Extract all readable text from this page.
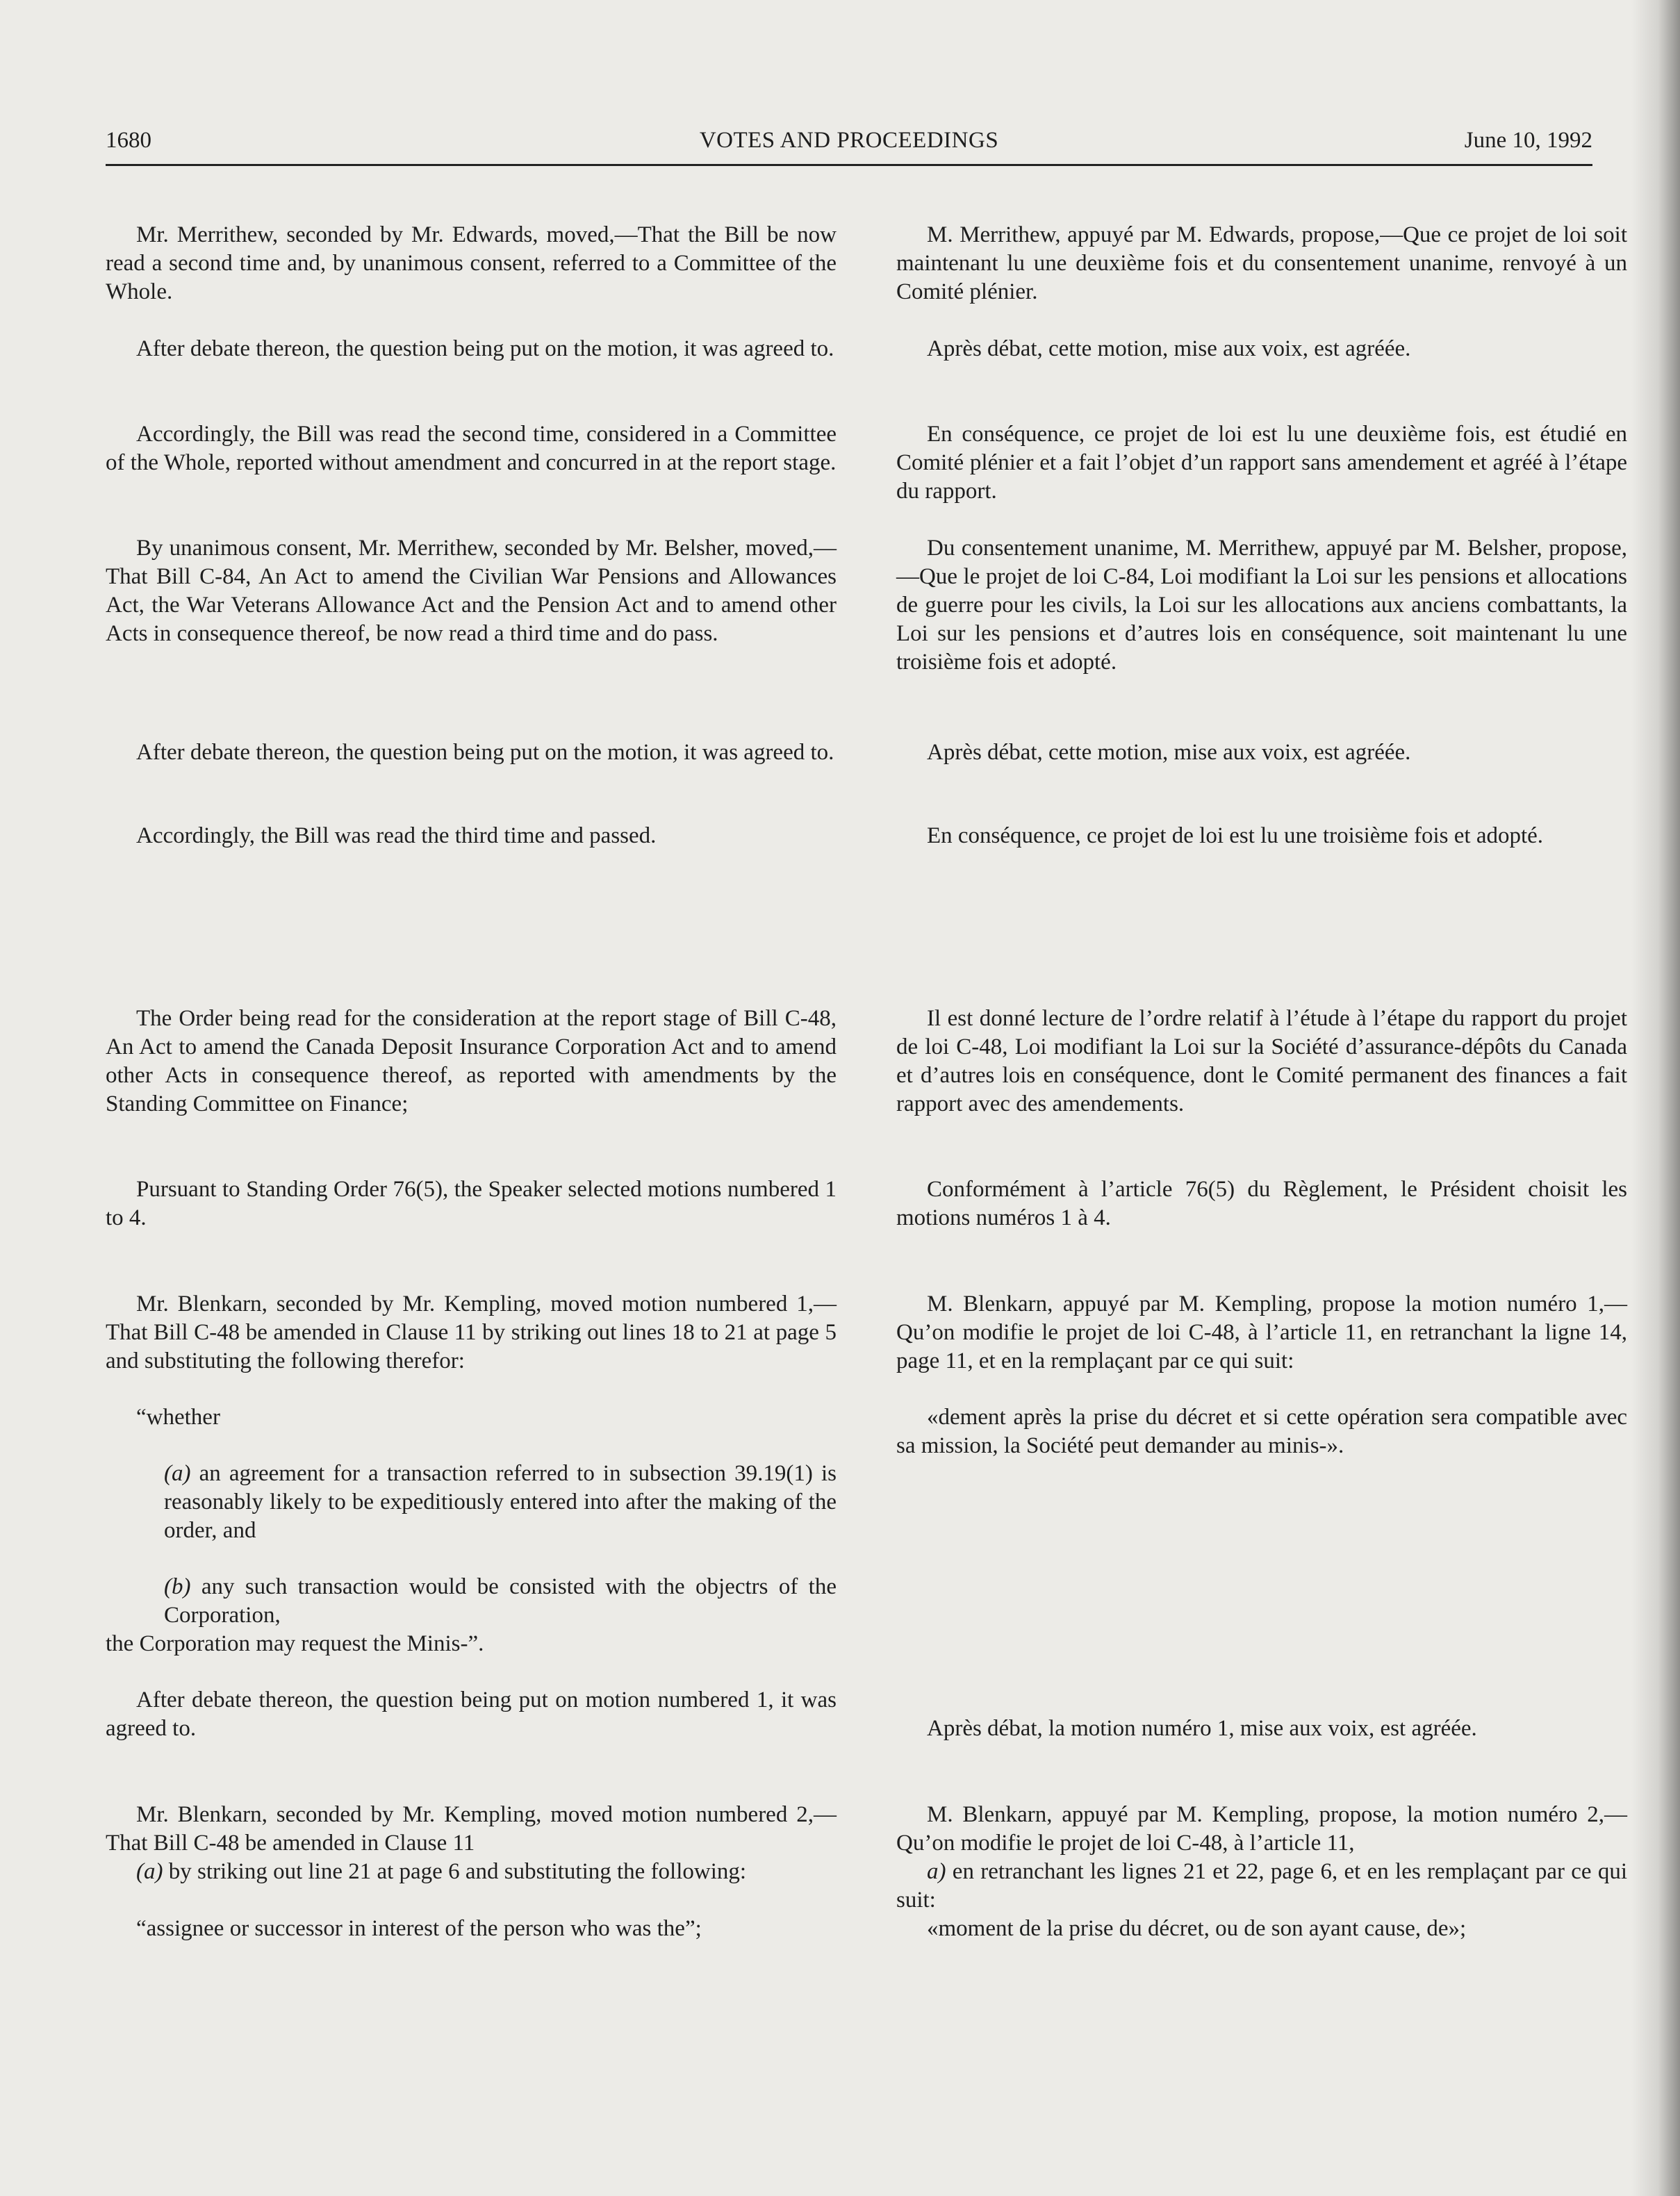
1680	VOTES AND PROCEEDINGS	June 10, 1992

Mr. Merrithew, seconded by Mr. Edwards, moved,—That the Bill be now read a second time and, by unanimous consent, referred to a Committee of the Whole.

After debate thereon, the question being put on the motion, it was agreed to.

Accordingly, the Bill was read the second time, considered in a Committee of the Whole, reported without amendment and concurred in at the report stage.

By unanimous consent, Mr. Merrithew, seconded by Mr. Belsher, moved,—That Bill C-84, An Act to amend the Civilian War Pensions and Allowances Act, the War Veterans Allowance Act and the Pension Act and to amend other Acts in consequence thereof, be now read a third time and do pass.

After debate thereon, the question being put on the motion, it was agreed to.

Accordingly, the Bill was read the third time and passed.

The Order being read for the consideration at the report stage of Bill C-48, An Act to amend the Canada Deposit Insurance Corporation Act and to amend other Acts in consequence thereof, as reported with amendments by the Standing Committee on Finance;

Pursuant to Standing Order 76(5), the Speaker selected motions numbered 1 to 4.

Mr. Blenkarn, seconded by Mr. Kempling, moved motion numbered 1,—That Bill C-48 be amended in Clause 11 by striking out lines 18 to 21 at page 5 and substituting the following therefor:

“whether

(a) an agreement for a transaction referred to in subsection 39.19(1) is reasonably likely to be expeditiously entered into after the making of the order, and
(b) any such transaction would be consisted with the objectrs of the Corporation,

the Corporation may request the Minis-”.

After debate thereon, the question being put on motion numbered 1, it was agreed to.

Mr. Blenkarn, seconded by Mr. Kempling, moved motion numbered 2,—That Bill C-48 be amended in Clause 11

(a) by striking out line 21 at page 6 and substituting the following:

“assignee or successor in interest of the person who was the”;

M. Merrithew, appuyé par M. Edwards, propose,—Que ce projet de loi soit maintenant lu une deuxième fois et du consentement unanime, renvoyé à un Comité plénier.

Après débat, cette motion, mise aux voix, est agréée.

En conséquence, ce projet de loi est lu une deuxième fois, est étudié en Comité plénier et a fait l’objet d’un rapport sans amendement et agréé à l’étape du rapport.

Du consentement unanime, M. Merrithew, appuyé par M. Belsher, propose,—Que le projet de loi C-84, Loi modifiant la Loi sur les pensions et allocations de guerre pour les civils, la Loi sur les allocations aux anciens combattants, la Loi sur les pensions et d’autres lois en conséquence, soit maintenant lu une troisième fois et adopté.

Après débat, cette motion, mise aux voix, est agréée.

En conséquence, ce projet de loi est lu une troisième fois et adopté.

Il est donné lecture de l’ordre relatif à l’étude à l’étape du rapport du projet de loi C-48, Loi modifiant la Loi sur la Société d’assurance-dépôts du Canada et d’autres lois en conséquence, dont le Comité permanent des finances a fait rapport avec des amendements.

Conformément à l’article 76(5) du Règlement, le Président choisit les motions numéros 1 à 4.

M. Blenkarn, appuyé par M. Kempling, propose la motion numéro 1,—Qu’on modifie le projet de loi C-48, à l’article 11, en retranchant la ligne 14, page 11, et en la remplaçant par ce qui suit:

«dement après la prise du décret et si cette opération sera compatible avec sa mission, la Société peut demander au minis-».

Après débat, la motion numéro 1, mise aux voix, est agréée.

M. Blenkarn, appuyé par M. Kempling, propose, la motion numéro 2,—Qu’on modifie le projet de loi C-48, à l’article 11,

a) en retranchant les lignes 21 et 22, page 6, et en les remplaçant par ce qui suit:

«moment de la prise du décret, ou de son ayant cause, de»;
